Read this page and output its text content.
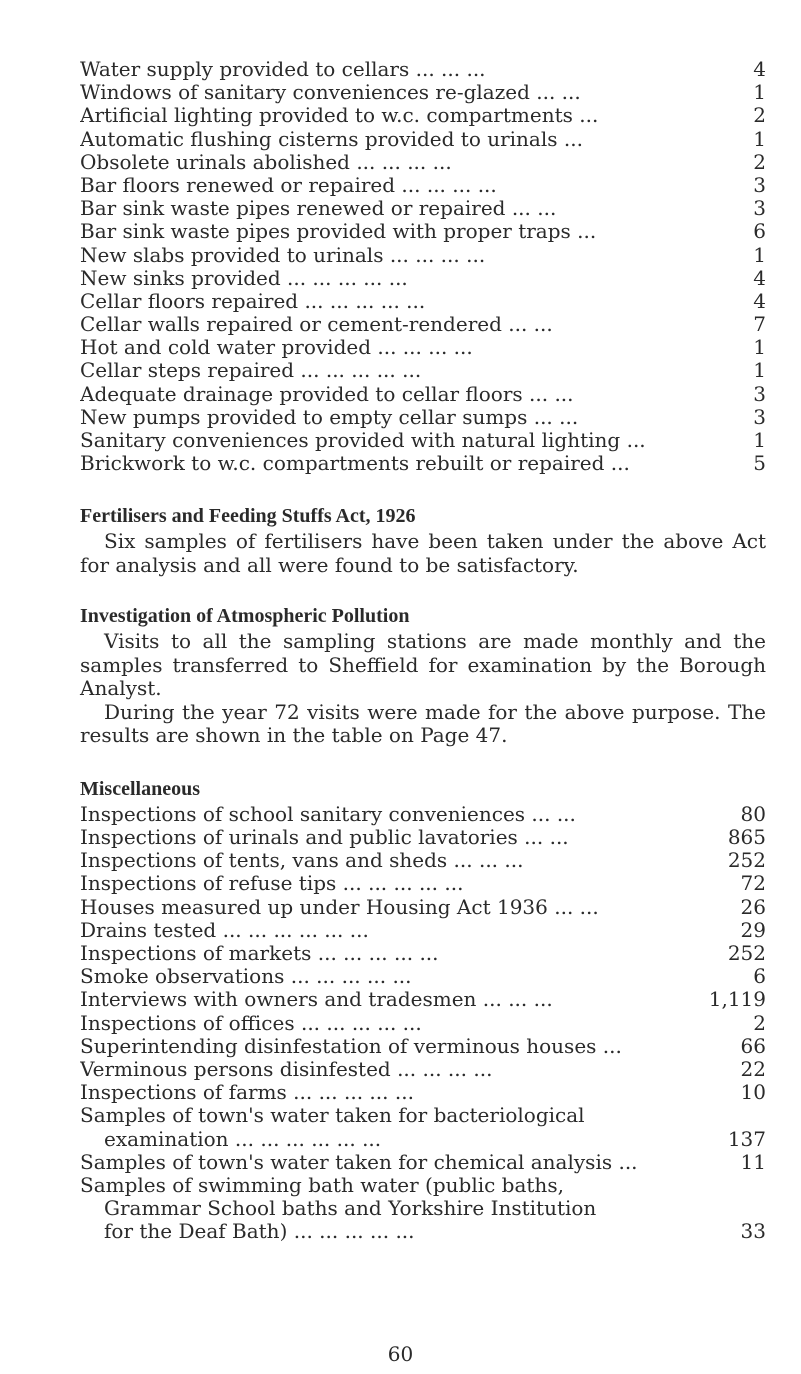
Water supply provided to cellars ... ... ...	4
Windows of sanitary conveniences re-glazed ... ...	1
Artificial lighting provided to w.c. compartments ...	2
Automatic flushing cisterns provided to urinals ...	1
Obsolete urinals abolished ... ... ... ...	2
Bar floors renewed or repaired ... ... ... ...	3
Bar sink waste pipes renewed or repaired ... ...	3
Bar sink waste pipes provided with proper traps ...	6
New slabs provided to urinals ... ... ... ...	1
New sinks provided ... ... ... ... ...	4
Cellar floors repaired ... ... ... ... ...	4
Cellar walls repaired or cement-rendered ... ...	7
Hot and cold water provided ... ... ... ...	1
Cellar steps repaired ... ... ... ... ...	1
Adequate drainage provided to cellar floors ... ...	3
New pumps provided to empty cellar sumps ... ...	3
Sanitary conveniences provided with natural lighting ...	1
Brickwork to w.c. compartments rebuilt or repaired ...	5
Fertilisers and Feeding Stuffs Act, 1926

Six samples of fertilisers have been taken under the above Act for analysis and all were found to be satisfactory.

Investigation of Atmospheric Pollution

Visits to all the sampling stations are made monthly and the samples transferred to Sheffield for examination by the Borough Analyst.

During the year 72 visits were made for the above purpose. The results are shown in the table on Page 47.

Miscellaneous
Inspections of school sanitary conveniences ... ...	80
Inspections of urinals and public lavatories ... ...	865
Inspections of tents, vans and sheds ... ... ...	252
Inspections of refuse tips ... ... ... ... ...	72
Houses measured up under Housing Act 1936 ... ...	26
Drains tested ... ... ... ... ... ...	29
Inspections of markets ... ... ... ... ...	252
Smoke observations ... ... ... ... ...	6
Interviews with owners and tradesmen ... ... ...	1,119
Inspections of offices ... ... ... ... ...	2
Superintending disinfestation of verminous houses ...	66
Verminous persons disinfested ... ... ... ...	22
Inspections of farms ... ... ... ... ...	10
Samples of town's water taken for bacteriological
examination ... ... ... ... ... ...	137
Samples of town's water taken for chemical analysis ...	11
Samples of swimming bath water (public baths,
Grammar School baths and Yorkshire Institution
for the Deaf Bath) ... ... ... ... ...	33
60
